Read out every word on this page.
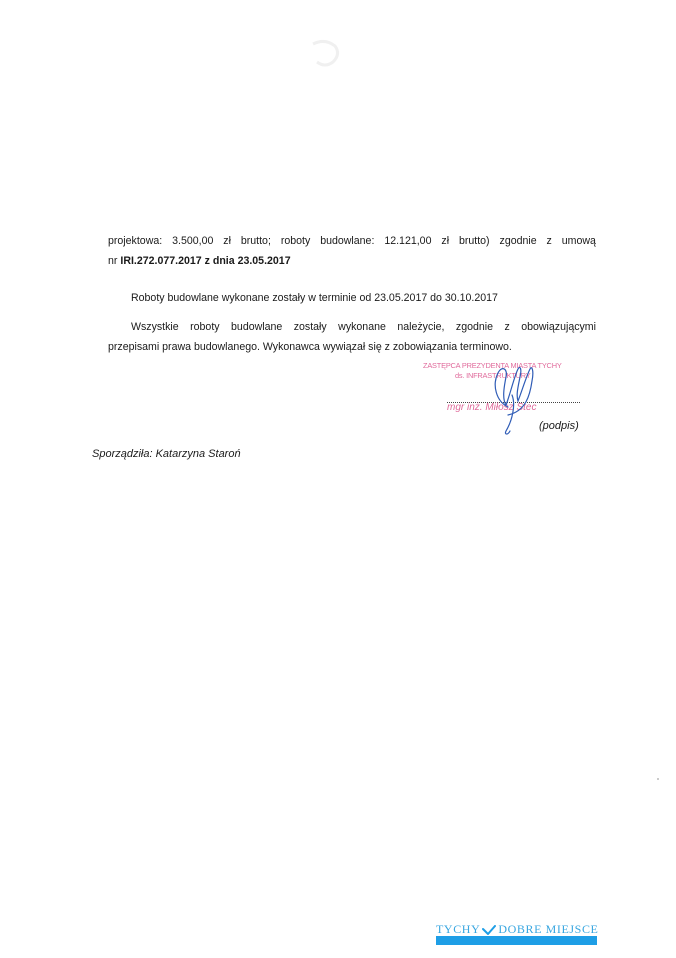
projektowa: 3.500,00 zł brutto; roboty budowlane: 12.121,00 zł brutto) zgodnie z umową
nr IRI.272.077.2017 z dnia 23.05.2017
Roboty budowlane wykonane zostały w terminie od 23.05.2017 do 30.10.2017
Wszystkie roboty budowlane zostały wykonane należycie, zgodnie z obowiązującymi
przepisami prawa budowlanego. Wykonawca wywiązał się z zobowiązania terminowo.
ZASTĘPCA PREZYDENTA MIASTA TYCHY
ds. INFRASTRUKTURY
mgr inż. Miłosz Stec
(podpis)
Sporządziła: Katarzyna Staroń
TYCHY DOBRE MIEJSCE
